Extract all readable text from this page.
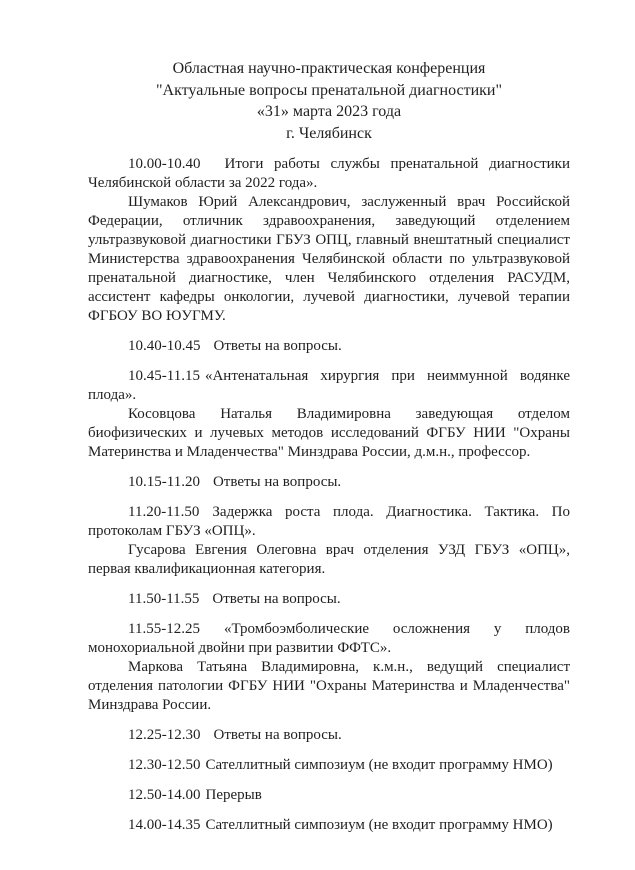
Областная научно-практическая конференция
"Актуальные вопросы пренатальной диагностики"
«31» марта 2023 года
г. Челябинск

10.00-10.40 Итоги работы службы пренатальной диагностики Челябинской области за 2022 года».

Шумаков Юрий Александрович, заслуженный врач Российской Федерации, отличник здравоохранения, заведующий отделением ультразвуковой диагностики ГБУЗ ОПЦ, главный внештатный специалист Министерства здравоохранения Челябинской области по ультразвуковой пренатальной диагностике, член Челябинского отделения РАСУДМ, ассистент кафедры онкологии, лучевой диагностики, лучевой терапии ФГБОУ ВО ЮУГМУ.

10.40-10.45 Ответы на вопросы.

10.45-11.15 «Антенатальная хирургия при неиммунной водянке плода».

Косовцова Наталья Владимировна заведующая отделом биофизических и лучевых методов исследований ФГБУ НИИ "Охраны Материнства и Младенчества" Минздрава России, д.м.н., профессор.

10.15-11.20 Ответы на вопросы.

11.20-11.50 Задержка роста плода. Диагностика. Тактика. По протоколам ГБУЗ «ОПЦ».

Гусарова Евгения Олеговна врач отделения УЗД ГБУЗ «ОПЦ», первая квалификационная категория.

11.50-11.55 Ответы на вопросы.

11.55-12.25 «Тромбоэмболические осложнения у плодов монохориальной двойни при развитии ФФТС».

Маркова Татьяна Владимировна, к.м.н., ведущий специалист отделения патологии ФГБУ НИИ "Охраны Материнства и Младенчества" Минздрава России.

12.25-12.30 Ответы на вопросы.

12.30-12.50 Сателлитный симпозиум (не входит программу НМО)

12.50-14.00 Перерыв

14.00-14.35 Сателлитный симпозиум (не входит программу НМО)
